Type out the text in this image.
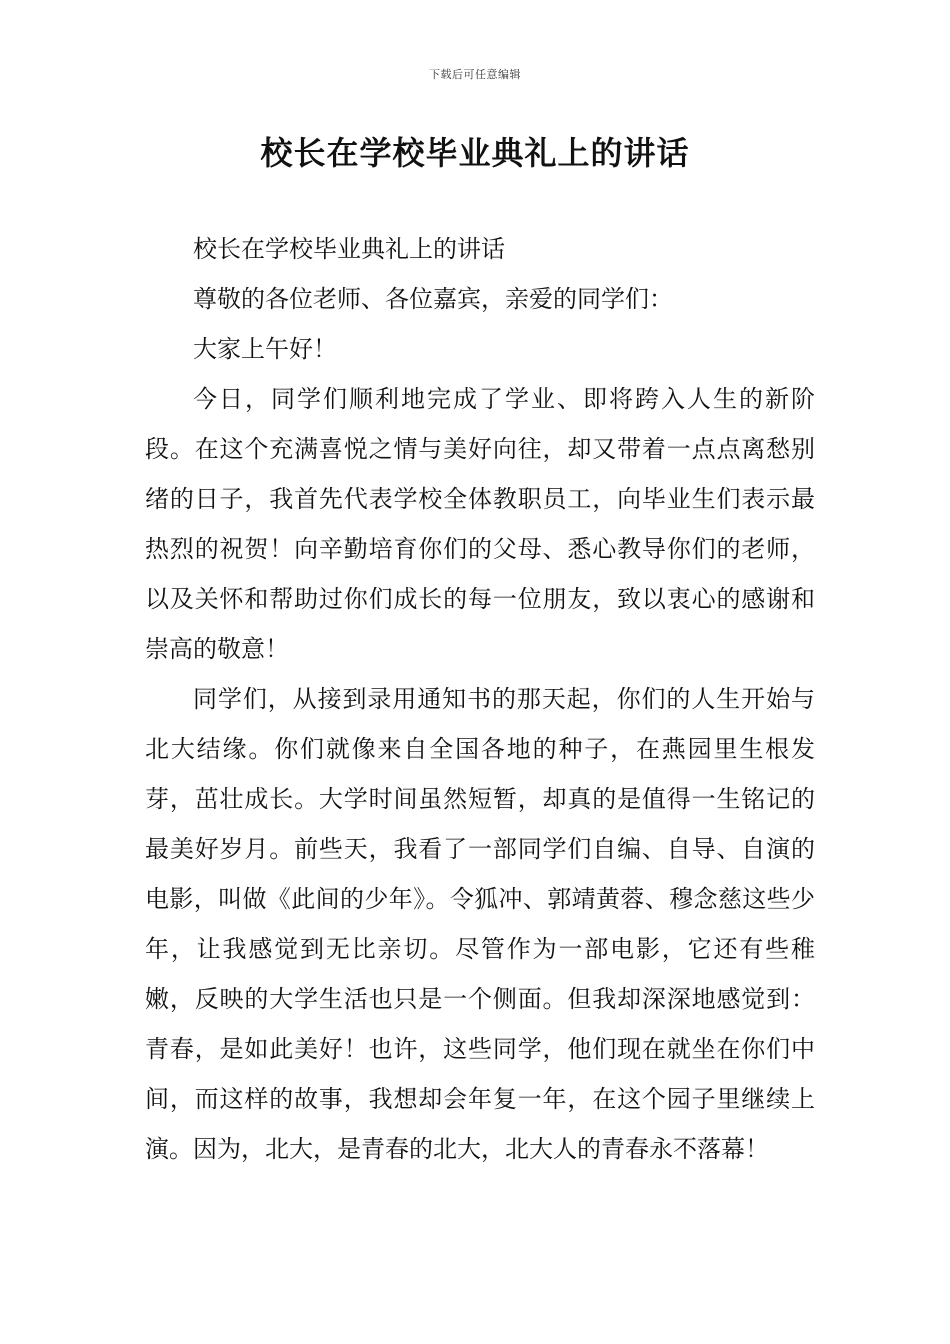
下载后可任意编辑
校长在学校毕业典礼上的讲话

校长在学校毕业典礼上的讲话

尊敬的各位老师、各位嘉宾，亲爱的同学们：

大家上午好！

今日，同学们顺利地完成了学业、即将跨入人生的新阶段。在这个充满喜悦之情与美好向往，却又带着一点点离愁别绪的日子，我首先代表学校全体教职员工，向毕业生们表示最热烈的祝贺！向辛勤培育你们的父母、悉心教导你们的老师，以及关怀和帮助过你们成长的每一位朋友，致以衷心的感谢和崇高的敬意！

同学们，从接到录用通知书的那天起，你们的人生开始与北大结缘。你们就像来自全国各地的种子，在燕园里生根发芽，茁壮成长。大学时间虽然短暂，却真的是值得一生铭记的最美好岁月。前些天，我看了一部同学们自编、自导、自演的电影，叫做《此间的少年》。令狐冲、郭靖黄蓉、穆念慈这些少年，让我感觉到无比亲切。尽管作为一部电影，它还有些稚嫩，反映的大学生活也只是一个侧面。但我却深深地感觉到：青春，是如此美好！也许，这些同学，他们现在就坐在你们中间，而这样的故事，我想却会年复一年，在这个园子里继续上演。因为，北大，是青春的北大，北大人的青春永不落幕！
